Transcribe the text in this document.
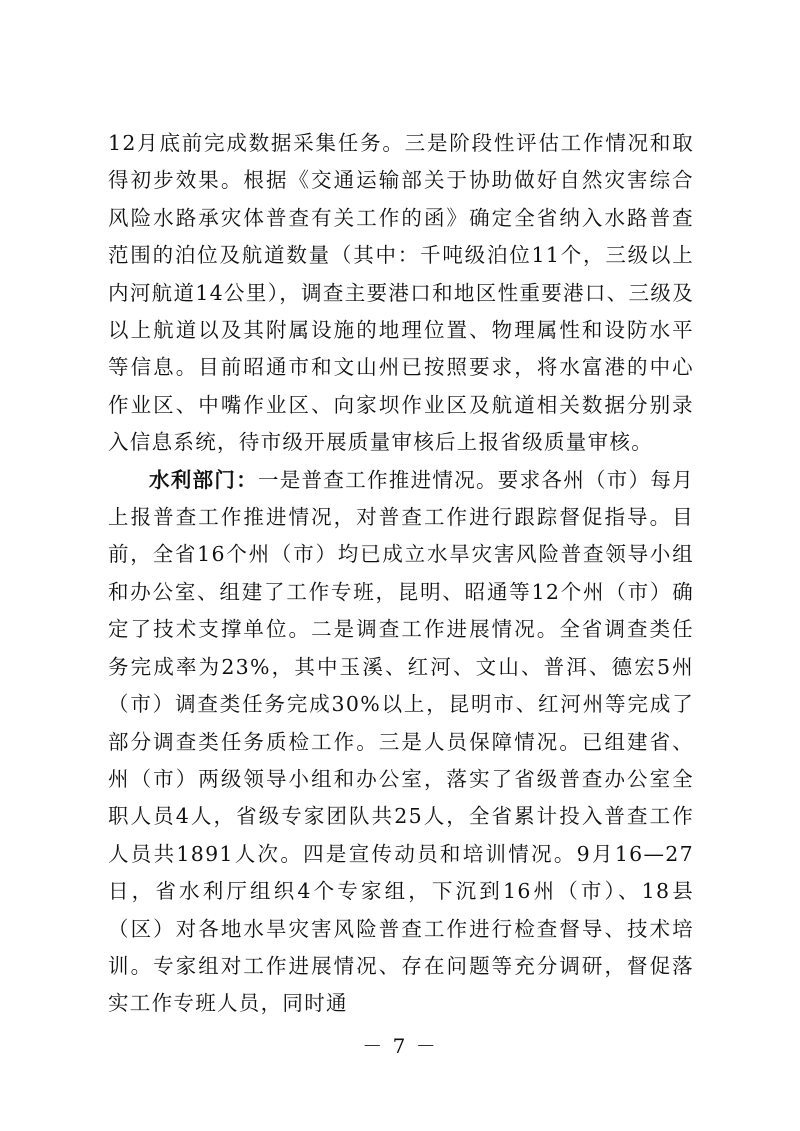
12月底前完成数据采集任务。三是阶段性评估工作情况和取得初步效果。根据《交通运输部关于协助做好自然灾害综合风险水路承灾体普查有关工作的函》确定全省纳入水路普查范围的泊位及航道数量（其中：千吨级泊位11个，三级以上内河航道14公里），调查主要港口和地区性重要港口、三级及以上航道以及其附属设施的地理位置、物理属性和设防水平等信息。目前昭通市和文山州已按照要求，将水富港的中心作业区、中嘴作业区、向家坝作业区及航道相关数据分别录入信息系统，待市级开展质量审核后上报省级质量审核。

水利部门：一是普查工作推进情况。要求各州（市）每月上报普查工作推进情况，对普查工作进行跟踪督促指导。目前，全省16个州（市）均已成立水旱灾害风险普查领导小组和办公室、组建了工作专班，昆明、昭通等12个州（市）确定了技术支撑单位。二是调查工作进展情况。全省调查类任务完成率为23%，其中玉溪、红河、文山、普洱、德宏5州（市）调查类任务完成30%以上，昆明市、红河州等完成了部分调查类任务质检工作。三是人员保障情况。已组建省、州（市）两级领导小组和办公室，落实了省级普查办公室全职人员4人，省级专家团队共25人，全省累计投入普查工作人员共1891人次。四是宣传动员和培训情况。9月16—27日，省水利厅组织4个专家组，下沉到16州（市）、18县（区）对各地水旱灾害风险普查工作进行检查督导、技术培训。专家组对工作进展情况、存在问题等充分调研，督促落实工作专班人员，同时通

－ 7 －
